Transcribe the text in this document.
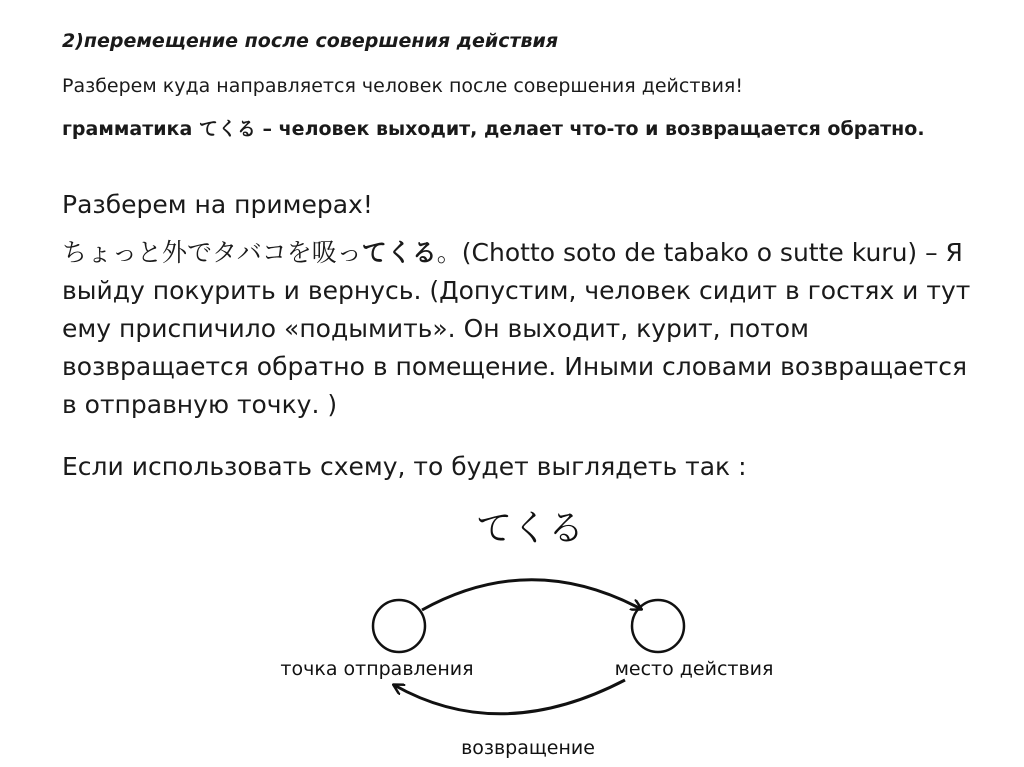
2)перемещение после совершения действия
Разберем куда направляется человек после совершения действия!
грамматика てくる – человек выходит, делает что-то и возвращается обратно.
Разберем на примерах!
ちょっと外でタバコを吸ってくる。(Chotto soto de tabako o sutte kuru) – Я выйду покурить и вернусь. (Допустим, человек сидит в гостях и тут ему приспичило «подымить». Он выходит, курит, потом возвращается обратно в помещение. Иными словами возвращается в отправную точку. )
Если использовать схему, то будет выглядеть так :
てくる
точка отправления	место действия
возвращение
